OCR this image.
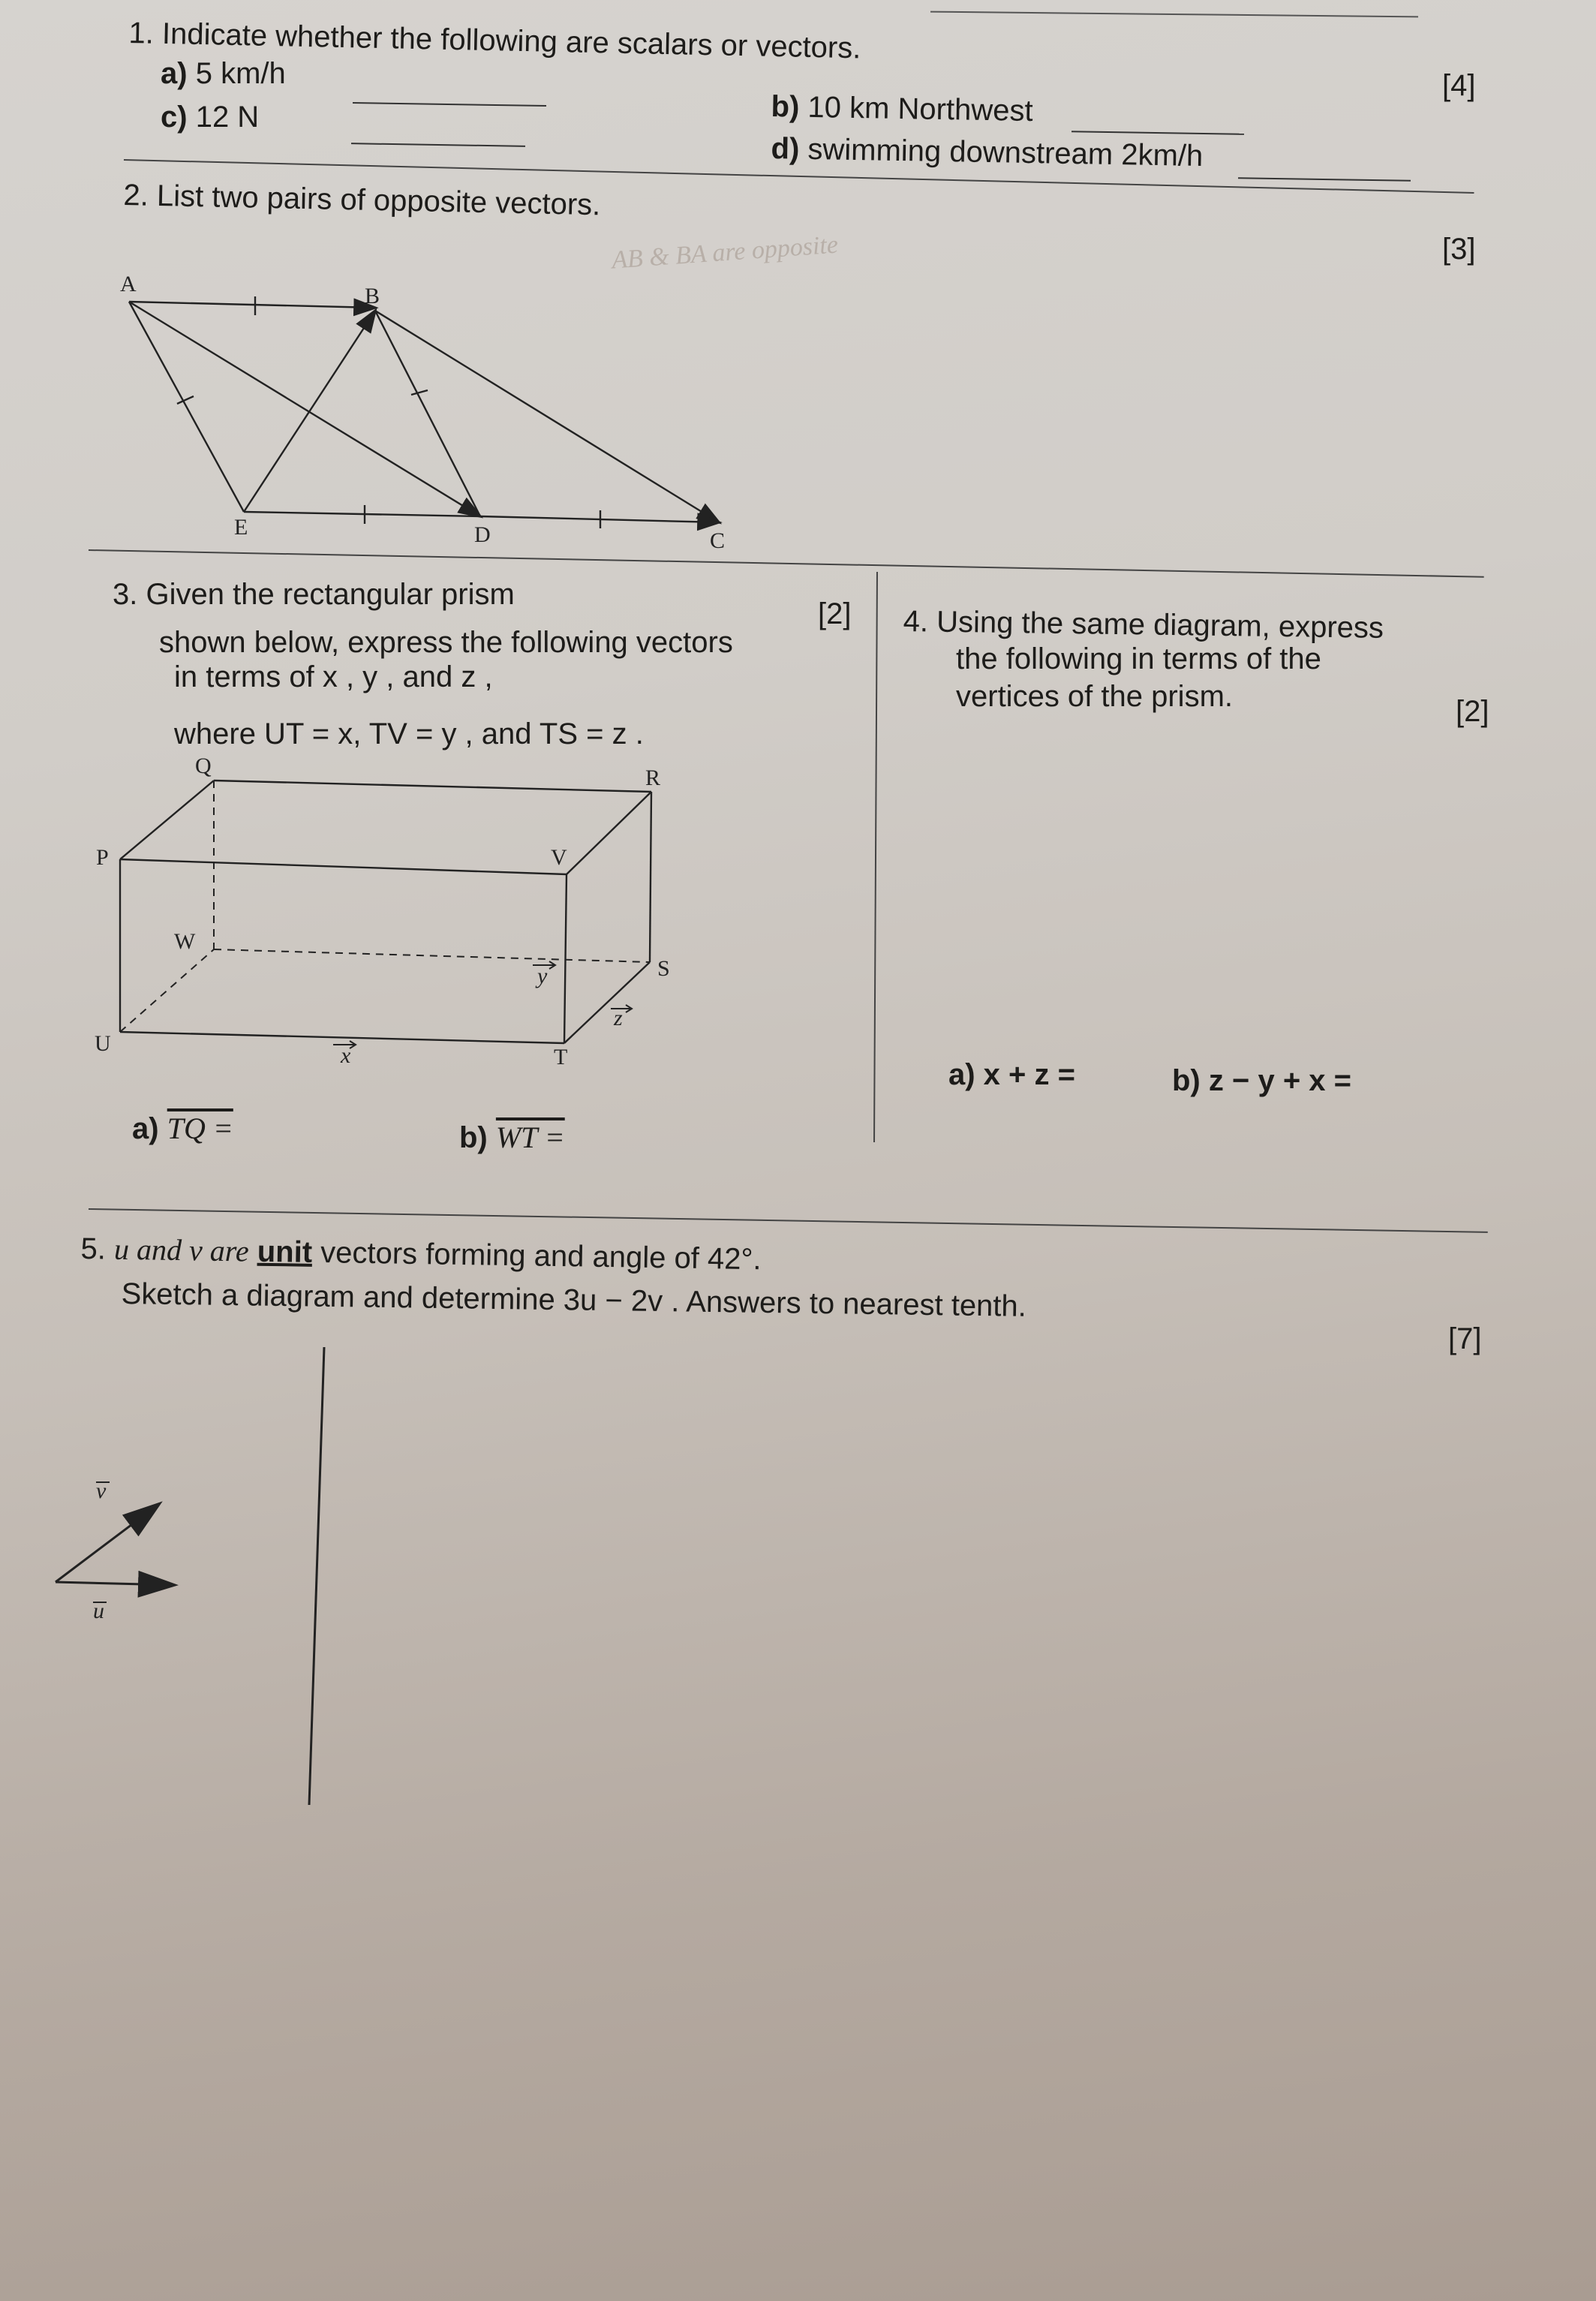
1. Indicate whether the following are scalars or vectors.
[4]
a) 5 km/h
c) 12 N	b) 10 km Northwest
d) swimming downstream 2km/h
2. List two pairs of opposite vectors.
[3]
AB & BA are opposite
A	B
E	D	C
3. Given the rectangular prism
[2]
shown below, express the following vectors
in terms of x , y , and z ,
where UT = x, TV = y , and TS = z .
Q	R
P	V
W
S
U
T
x
y
z
a) TQ =	b) WT =
4. Using the same diagram, express
the following in terms of the
vertices of the prism.	[2]
a) x + z =	b) z − y + x =
5. u and v are unit vectors forming and angle of 42°.
Sketch a diagram and determine 3u − 2v . Answers to nearest tenth.
[7]
v
u
